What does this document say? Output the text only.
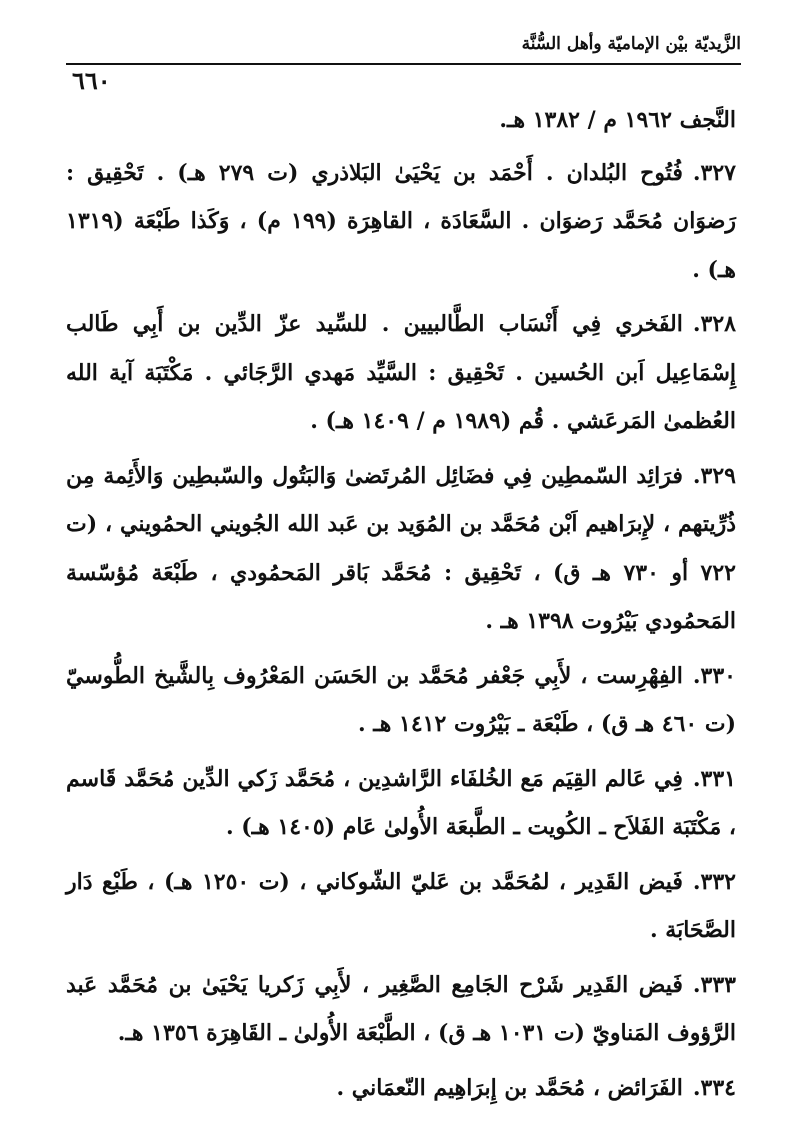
الزَّيديّة بيْن الإماميّة وأهل السُّنَّة
٦٦٠

النَّجف ١٩٦٢ م / ١٣٨٢ هـ.

٣٢٧.فُتُوح البُلدان . أَحْمَد بن يَحْيَىٰ البَلاذري (ت ٢٧٩ هـ) . تَحْقِيق : رَضوَان مُحَمَّد رَضوَان . السَّعَادَة ، القاهِرَة (١٩٩ م) ، وَكَذا طَبْعَة (١٣١٩ هـ) .

٣٢٨.الفَخري فِي أَنْسَاب الطَّالبيين . للسِّيد عزّ الدِّين بن أَبِي طَالب إِسْمَاعِيل اَبن الحُسين . تَحْقِيق : السَّيِّد مَهدي الرَّجَائي . مَكْتَبَة آية الله العُظمىٰ المَرعَشي . قُم (١٩٨٩ م / ١٤٠٩ هـ) .

٣٢٩.فرَائِد السّمطِين فِي فضَائِل المُرتَضىٰ وَالبَتُول والسّبطِين وَالأَئِمة مِن ذُرِّيتهم ، لإِبرَاهيم اَبْن مُحَمَّد بن المُوَيد بن عَبد الله الجُويني الحمُويني ، (ت ٧٢٢ أو ٧٣٠ هـ ق) ، تَحْقِيق : مُحَمَّد بَاقر المَحمُودي ، طَبْعَة مُؤسّسة المَحمُودي بَيْرُوت ١٣٩٨ هـ .

٣٣٠.الفِهْرِست ، لأَبِي جَعْفر مُحَمَّد بن الحَسَن المَعْرُوف بِالشَّيخ الطُّوسيّ (ت ٤٦٠ هـ ق) ، طَبْعَة ـ بَيْرُوت ١٤١٢ هـ .

٣٣١.فِي عَالم القِيَم مَع الخُلفَاء الرَّاشدِين ، مُحَمَّد زَكي الدِّين مُحَمَّد قَاسم ، مَكْتَبَة الفَلاَح ـ الكُويت ـ الطَّبعَة الأُولىٰ عَام (١٤٠٥ هـ) .

٣٣٢.فَيض القَدِير ، لمُحَمَّد بن عَليّ الشّوكاني ، (ت ١٢٥٠ هـ) ، طَبْع دَار الصَّحَابَة .

٣٣٣.فَيض القَدِير شَرْح الجَامِع الصَّغِير ، لأَبِي زَكريا يَحْيَىٰ بن مُحَمَّد عَبد الرَّؤوف المَناويّ (ت ١٠٣١ هـ ق) ، الطَّبْعَة الأُولىٰ ـ القَاهِرَة ١٣٥٦ هـ.

٣٣٤.الفَرَائض ، مُحَمَّد بن إِبرَاهِيم النّعمَاني .
